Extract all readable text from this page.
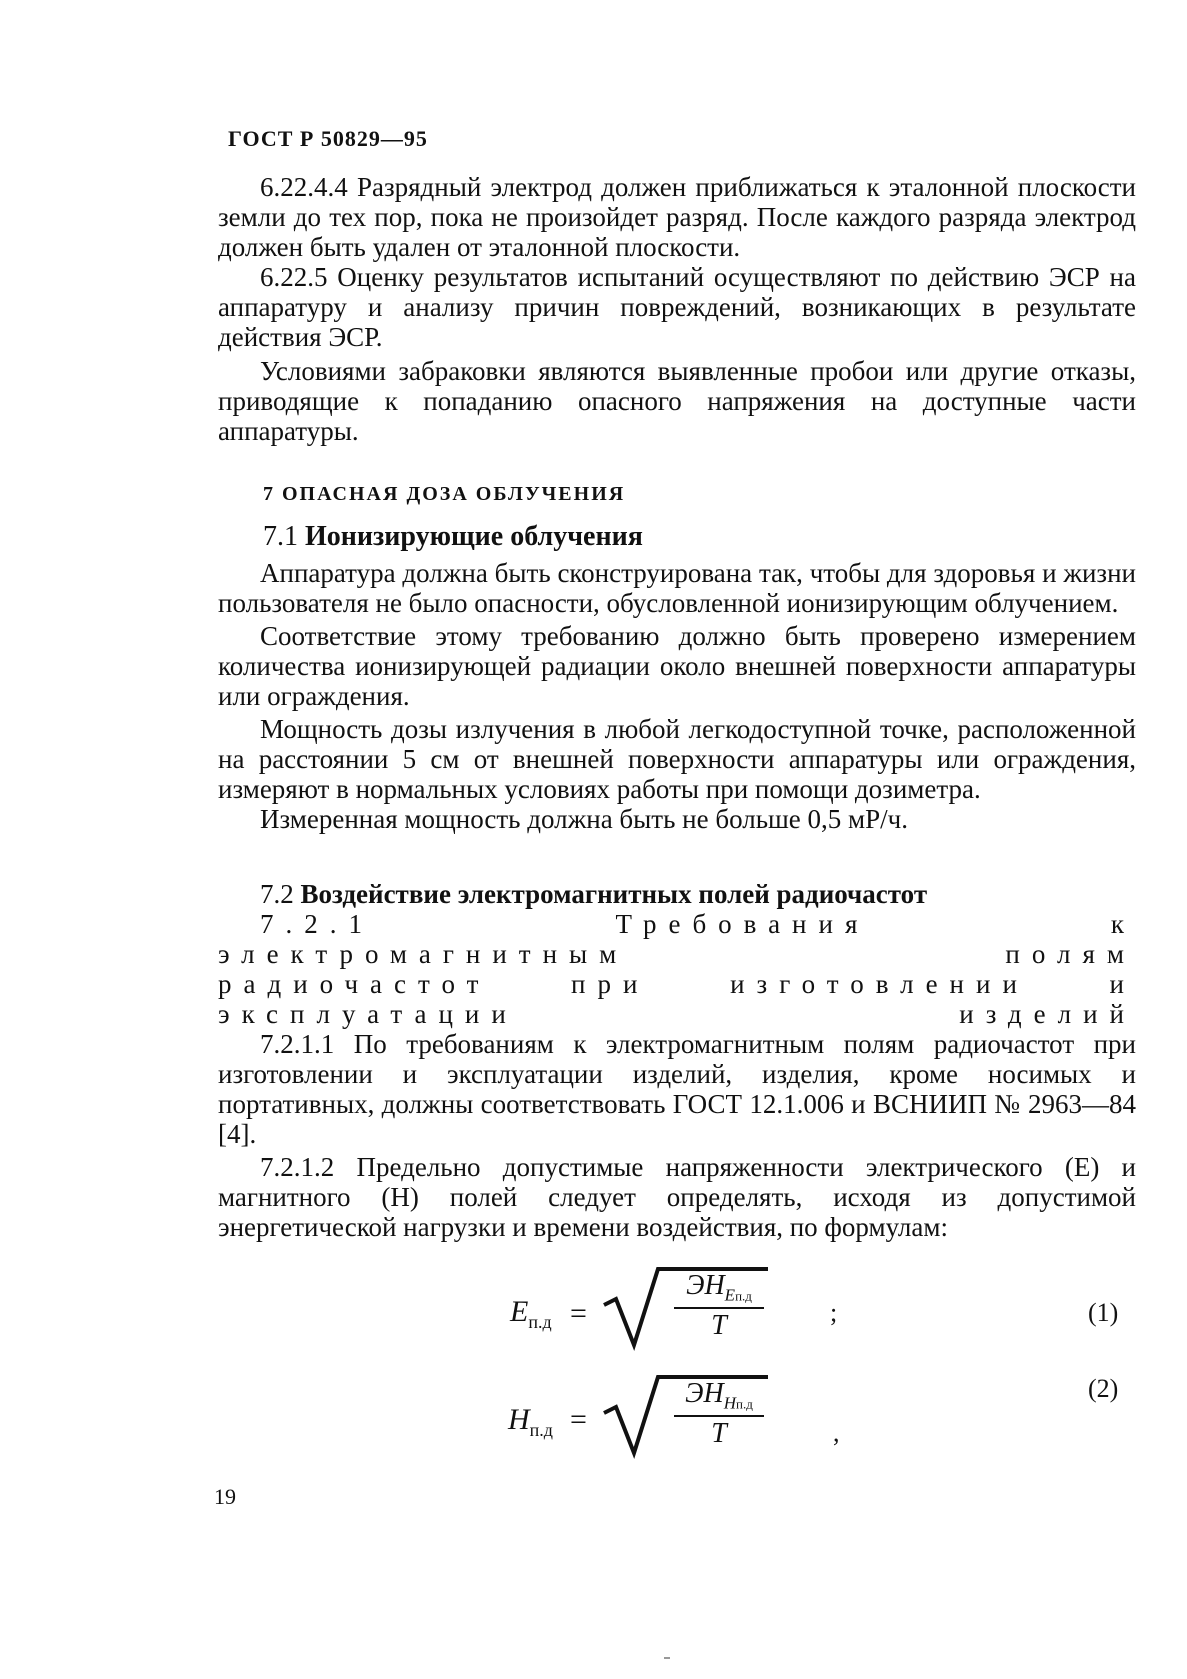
ГОСТ Р 50829—95

6.22.4.4 Разрядный электрод должен приближаться к эталонной плоскости земли до тех пор, пока не произойдет разряд. После каждого разряда электрод должен быть удален от эталонной плоскости.

6.22.5 Оценку результатов испытаний осуществляют по действию ЭСР на аппаратуру и анализу причин повреждений, возникающих в результате действия ЭСР.

Условиями забраковки являются выявленные пробои или другие отказы, приводящие к попаданию опасного напряжения на доступные части аппаратуры.

7 ОПАСНАЯ ДОЗА ОБЛУЧЕНИЯ
7.1 Ионизирующие облучения

Аппаратура должна быть сконструирована так, чтобы для здоровья и жизни пользователя не было опасности, обусловленной ионизирующим облучением.

Соответствие этому требованию должно быть проверено измерением количества ионизирующей радиации около внешней поверхности аппаратуры или ограждения.

Мощность дозы излучения в любой легкодоступной точке, расположенной на расстоянии 5 см от внешней поверхности аппаратуры или ограждения, измеряют в нормальных условиях работы при помощи дозиметра.

Измеренная мощность должна быть не больше 0,5 мР/ч.

7.2 Воздействие электромагнитных полей радиочастот

7.2.1 Требования к электромагнитным полям радиочастот при изготовлении и эксплуатации изделий

7.2.1.1 По требованиям к электромагнитным полям радиочастот при изготовлении и эксплуатации изделий, изделия, кроме носимых и портативных, должны соответствовать ГОСТ 12.1.006 и ВСНИИП № 2963—84 [4].

7.2.1.2 Предельно допустимые напряженности электрического (E) и магнитного (H) полей следует определять, исходя из допустимой энергетической нагрузки и времени воздействия, по формулам:

$E_{п.д}$ =
$ЭН_{Eп.д}$
T	;	(1)
$H_{п.д}$ =
$ЭН_{Hп.д}$
T	,
(2)
19
